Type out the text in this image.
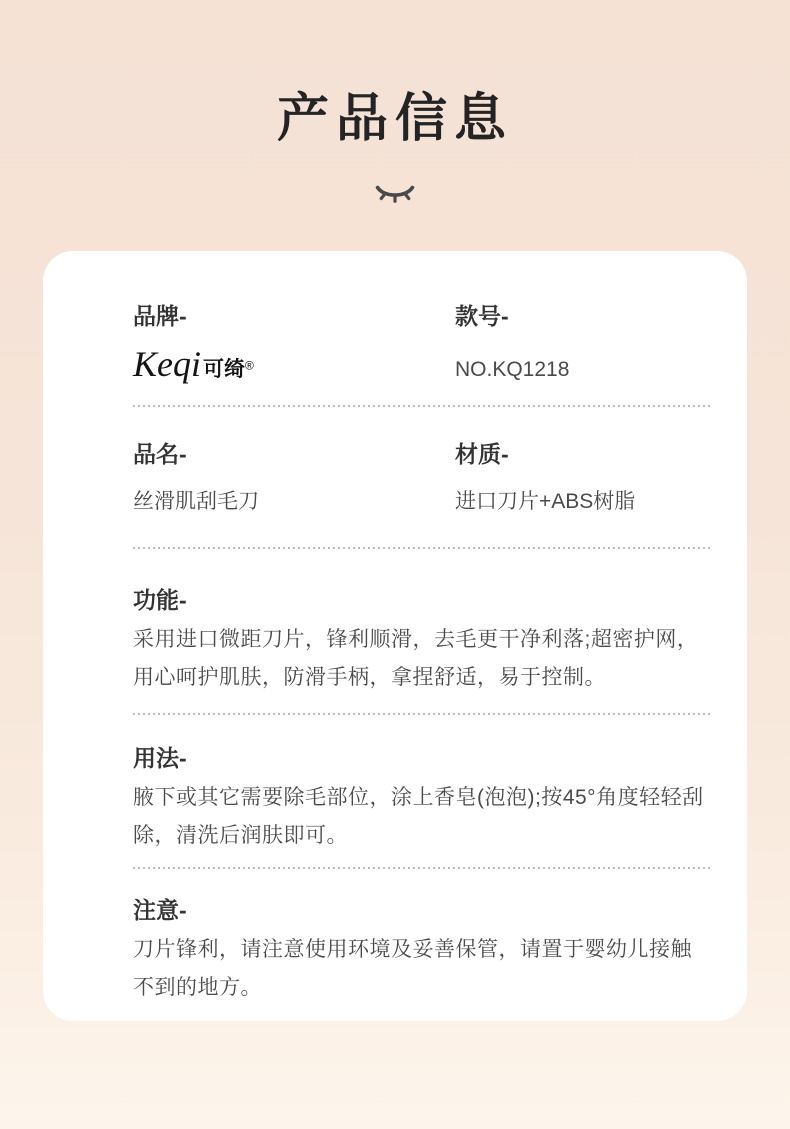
产品信息
品牌-
Keqi可绮®
款号-
NO.KQ1218
品名-
丝滑肌刮毛刀
材质-
进口刀片+ABS树脂
功能-
采用进口微距刀片，锋利顺滑，去毛更干净利落;超密护网，用心呵护肌肤，防滑手柄，拿捏舒适，易于控制。
用法-
腋下或其它需要除毛部位，涂上香皂(泡泡);按45°角度轻轻刮除，清洗后润肤即可。
注意-
刀片锋利，请注意使用环境及妥善保管，请置于婴幼儿接触不到的地方。
